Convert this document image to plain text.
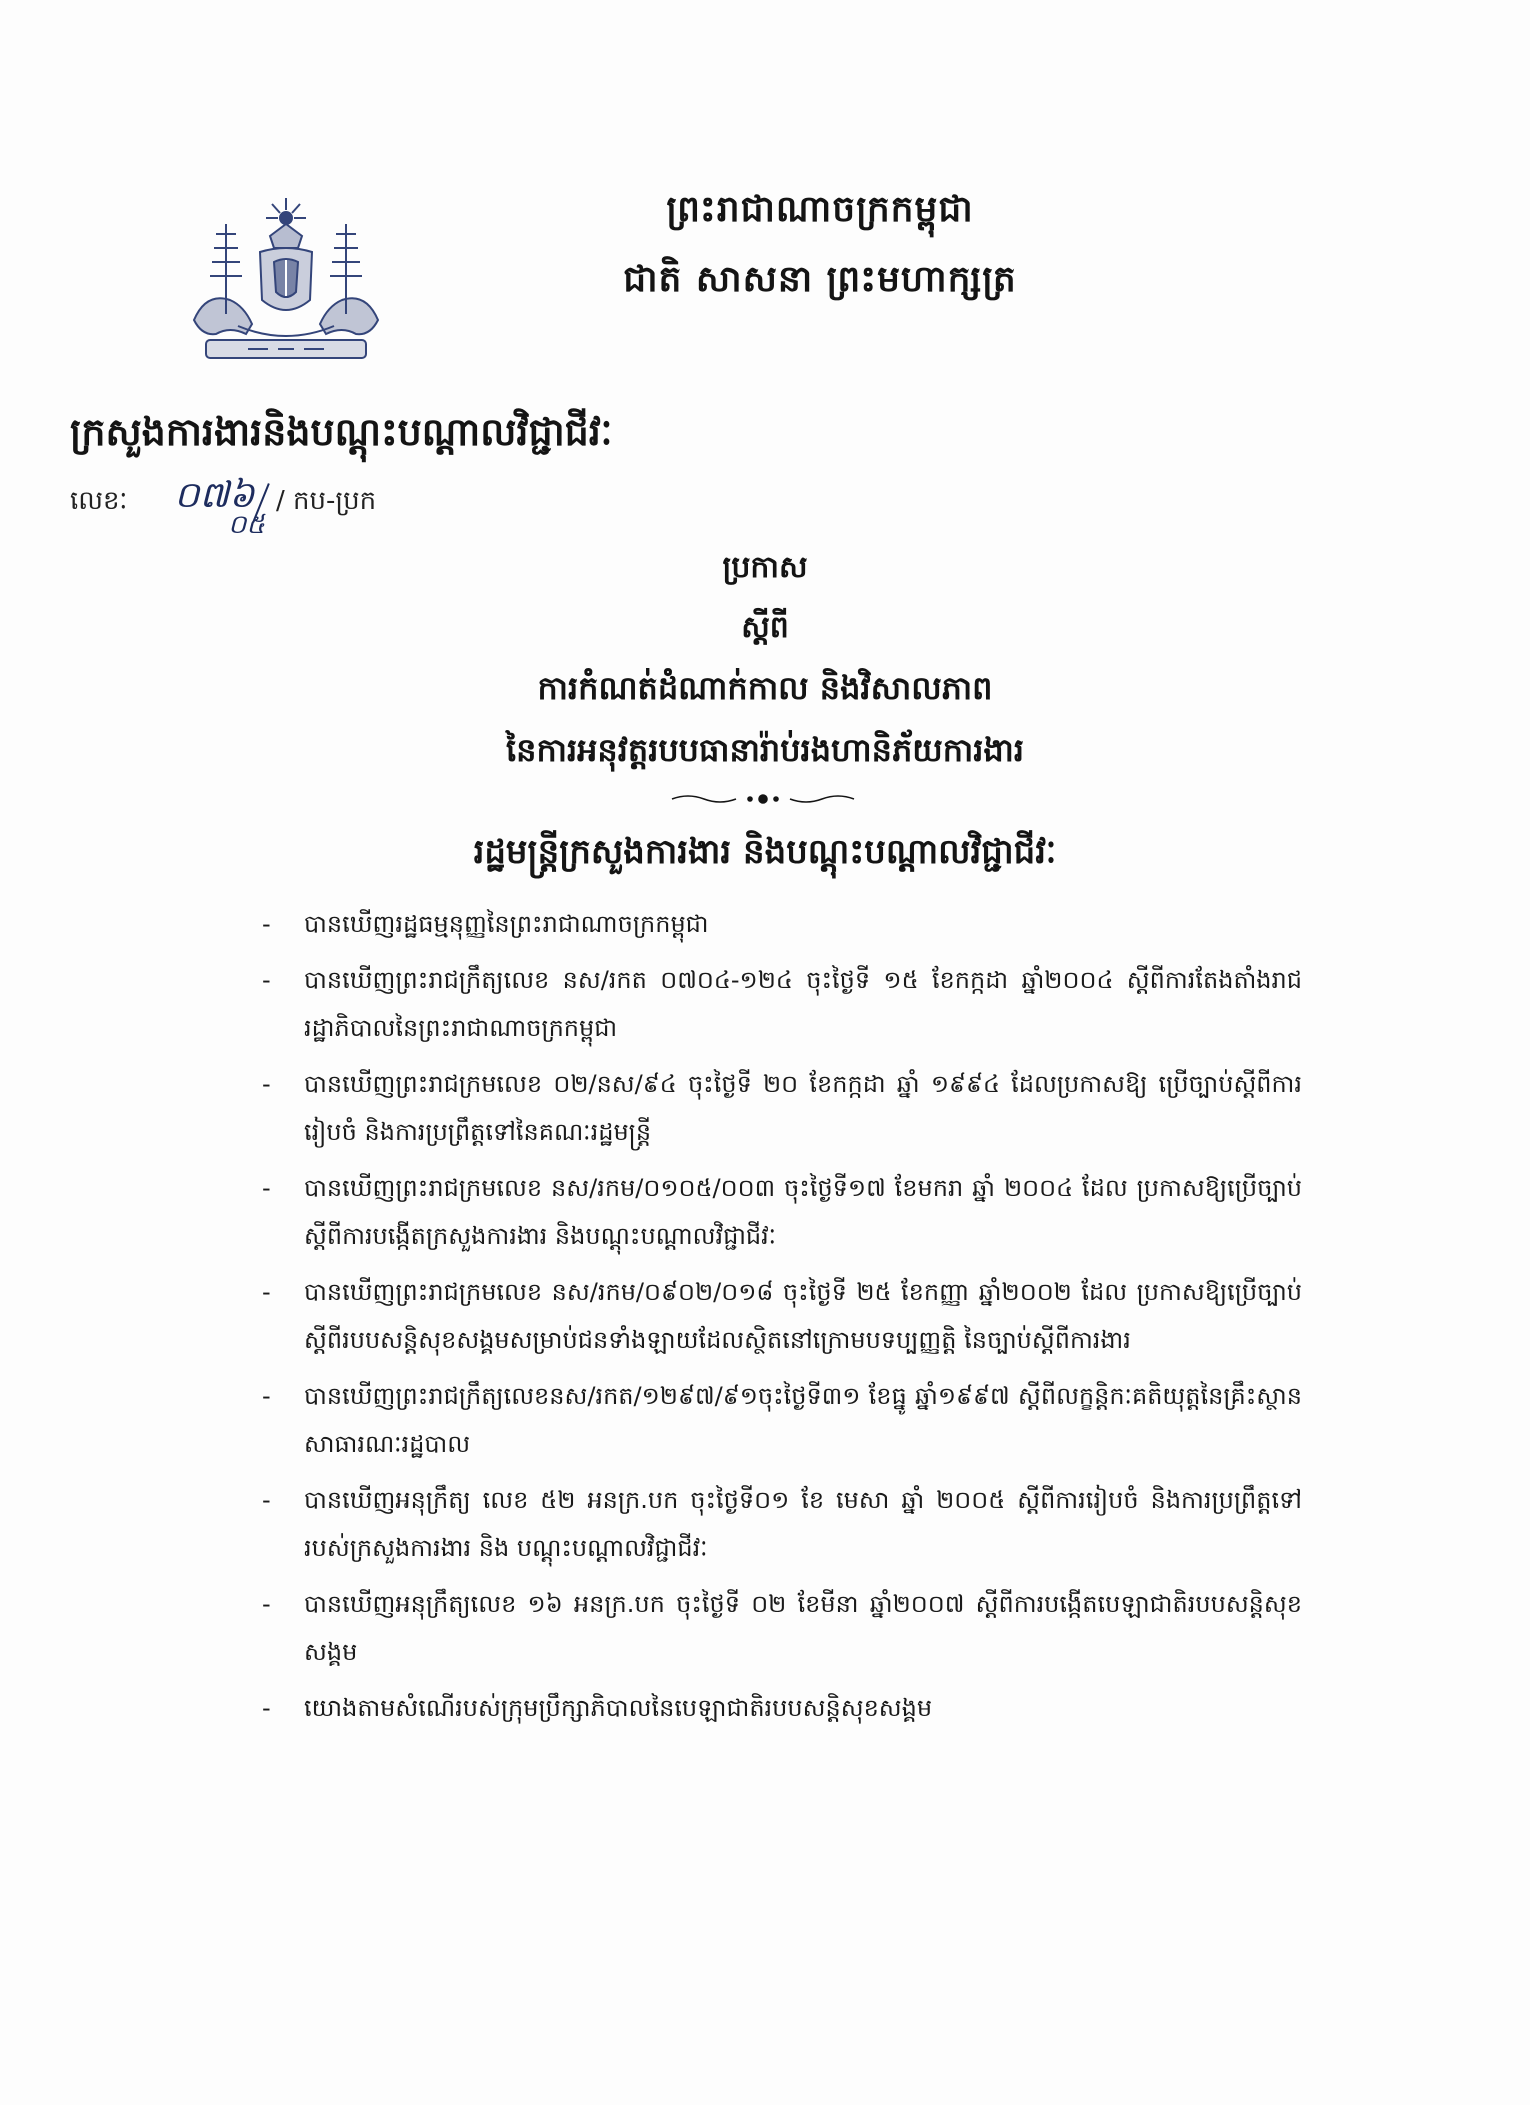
ព្រះរាជាណាចក្រកម្ពុជា
ជាតិ សាសនា ព្រះមហាក្សត្រ
ក្រសួងការងារនិងបណ្តុះបណ្តាលវិជ្ជាជីវៈ
លេខៈ ០៧៦
០៥
/ កប-ប្រក
ប្រកាស
ស្តីពី
ការកំណត់ដំណាក់កាល និងវិសាលភាព
នៃការអនុវត្តរបបធានារ៉ាប់រងហានិភ័យការងារ
រដ្ឋមន្ត្រីក្រសួងការងារ និងបណ្តុះបណ្តាលវិជ្ជាជីវៈ
- បានឃើញរដ្ឋធម្មនុញ្ញនៃព្រះរាជាណាចក្រកម្ពុជា
- បានឃើញព្រះរាជក្រឹត្យលេខ នស/រកត ០៧០៤-១២៤ ចុះថ្ងៃទី ១៥ ខែកក្កដា ឆ្នាំ២០០៤ ស្តីពីការតែងតាំងរាជរដ្ឋាភិបាលនៃព្រះរាជាណាចក្រកម្ពុជា
- បានឃើញព្រះរាជក្រមលេខ ០២/នស/៩៤ ចុះថ្ងៃទី ២០ ខែកក្កដា ឆ្នាំ ១៩៩៤ ដែលប្រកាសឱ្យ ប្រើច្បាប់ស្តីពីការរៀបចំ និងការប្រព្រឹត្តទៅនៃគណៈរដ្ឋមន្ត្រី
- បានឃើញព្រះរាជក្រមលេខ នស/រកម/០១០៥/០០៣ ចុះថ្ងៃទី១៧ ខែមករា ឆ្នាំ ២០០៤ ដែល ប្រកាសឱ្យប្រើច្បាប់ស្តីពីការបង្កើតក្រសួងការងារ និងបណ្តុះបណ្តាលវិជ្ជាជីវៈ
- បានឃើញព្រះរាជក្រមលេខ នស/រកម/០៩០២/០១៨ ចុះថ្ងៃទី ២៥ ខែកញ្ញា ឆ្នាំ២០០២ ដែល ប្រកាសឱ្យប្រើច្បាប់ស្តីពីរបបសន្តិសុខសង្គមសម្រាប់ជនទាំងឡាយដែលស្ថិតនៅក្រោមបទប្បញ្ញត្តិ នៃច្បាប់ស្តីពីការងារ
- បានឃើញព្រះរាជក្រឹត្យលេខនស/រកត/១២៩៧/៩១ចុះថ្ងៃទី៣១ ខែធ្នូ ឆ្នាំ១៩៩៧ ស្តីពីលក្ខន្តិកៈគតិយុត្តនៃគ្រឹះស្ថានសាធារណៈរដ្ឋបាល
- បានឃើញអនុក្រឹត្យ លេខ ៥២ អនក្រ.បក ចុះថ្ងៃទី០១ ខែ មេសា ឆ្នាំ ២០០៥ ស្តីពីការរៀបចំ និងការប្រព្រឹត្តទៅរបស់ក្រសួងការងារ និង បណ្តុះបណ្តាលវិជ្ជាជីវៈ
- បានឃើញអនុក្រឹត្យលេខ ១៦ អនក្រ.បក ចុះថ្ងៃទី ០២ ខែមីនា ឆ្នាំ២០០៧ ស្តីពីការបង្កើតបេឡាជាតិរបបសន្តិសុខសង្គម
- យោងតាមសំណើរបស់ក្រុមប្រឹក្សាភិបាលនៃបេឡាជាតិរបបសន្តិសុខសង្គម
